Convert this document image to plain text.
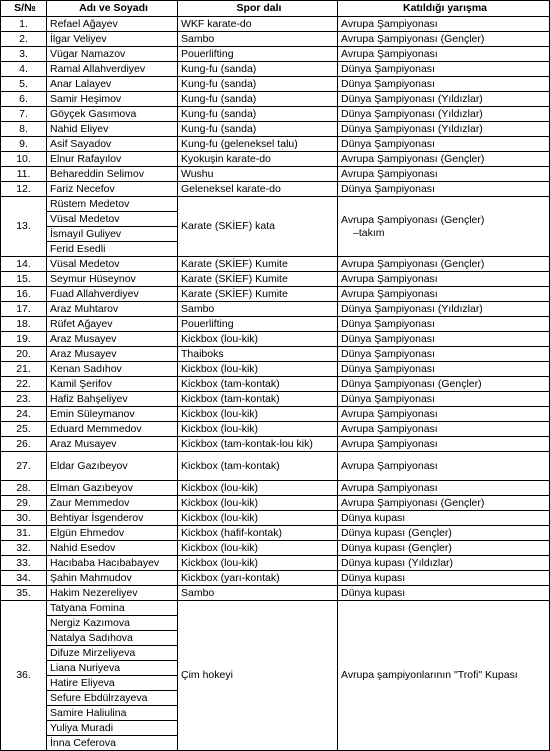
S/№	Adı ve Soyadı	Spor dalı	Katıldığı yarışma
1.	Refael Ağayev	WKF karate-do	Avrupa Şampiyonası
2.	İlgar Veliyev	Sambo	Avrupa Şampiyonası (Gençler)
3.	Vügar Namazov	Pouerlifting	Avrupa Şampiyonası
4.	Ramal Allahverdiyev	Kung-fu (sanda)	Dünya Şampiyonası
5.	Anar Lalayev	Kung-fu (sanda)	Dünya Şampiyonası
6.	Samir Heşimov	Kung-fu (sanda)	Dünya Şampiyonası (Yıldızlar)
7.	Göyçek Gasımova	Kung-fu (sanda)	Dünya Şampiyonası (Yıldızlar)
8.	Nahid Eliyev	Kung-fu (sanda)	Dünya Şampiyonası (Yıldızlar)
9.	Asif Sayadov	Kung-fu (geleneksel talu)	Dünya Şampiyonası
10.	Elnur Rafayılov	Kyokuşin karate-do	Avrupa Şampiyonası (Gençler)
11.	Behareddin Selimov	Wushu	Avrupa Şampiyonası
12.	Fariz Necefov	Geleneksel karate-do	Dünya Şampiyonası
13.	Rüstem Medetov	Karate (SKİEF) kata	Avrupa Şampiyonası (Gençler)
–takım

	Vüsal Medetov		
	İsmayıl Guliyev		
	Ferid Esedli		
14.	Vüsal Medetov	Karate (SKİEF) Kumite	Avrupa Şampiyonası (Gençler)
15.	Seymur Hüseynov	Karate (SKİEF) Kumite	Avrupa Şampiyonası
16.	Fuad Allahverdiyev	Karate (SKİEF) Kumite	Avrupa Şampiyonası
17.	Araz Muhtarov	Sambo	Dünya Şampiyonası (Yıldızlar)
18.	Rüfet Ağayev	Pouerlifting	Dünya Şampiyonası
19.	Araz Musayev	Kickbox (lou-kik)	Dünya Şampiyonası
20.	Araz Musayev	Thaiboks	Dünya Şampiyonası
21.	Kenan Sadıhov	Kickbox (lou-kik)	Dünya Şampiyonası
22.	Kamil Şerifov	Kickbox (tam-kontak)	Dünya Şampiyonası (Gençler)
23.	Hafiz Bahşeliyev	Kickbox (tam-kontak)	Dünya Şampiyonası
24.	Emin Süleymanov	Kickbox (lou-kik)	Avrupa Şampiyonası
25.	Eduard Memmedov	Kickbox (lou-kik)	Avrupa Şampiyonası
26.	Araz Musayev	Kickbox (tam-kontak-lou kik)	Avrupa Şampiyonası
27.	Eldar Gazıbeyov	Kickbox (tam-kontak)	Avrupa Şampiyonası
28.	Elman Gazıbeyov	Kickbox (lou-kik)	Avrupa Şampiyonası
29.	Zaur Memmedov	Kickbox (lou-kik)	Avrupa Şampiyonası (Gençler)
30.	Behtiyar İsgenderov	Kickbox (lou-kik)	Dünya kupası
31.	Elgün Ehmedov	Kickbox (hafif-kontak)	Dünya kupası (Gençler)
32.	Nahid Esedov	Kickbox (lou-kik)	Dünya kupası (Gençler)
33.	Hacıbaba Hacıbabayev	Kickbox (lou-kik)	Dünya kupası (Yıldızlar)
34.	Şahin Mahmudov	Kickbox (yarı-kontak)	Dünya kupası
35.	Hakim Nezereliyev	Sambo	Dünya kupası
36.	Tatyana Fomina	Çim hokeyi	Avrupa şampiyonlarının "Trofi" Kupası

	Nergiz Kazımova		
	Natalya Sadıhova		
	Difuze Mirzeliyeva		
	Liana Nuriyeva		
	Hatire Eliyeva		
	Sefure Ebdülrzayeva		
	Samire Haliulina		
	Yuliya Muradi		
	İnna Ceferova		
